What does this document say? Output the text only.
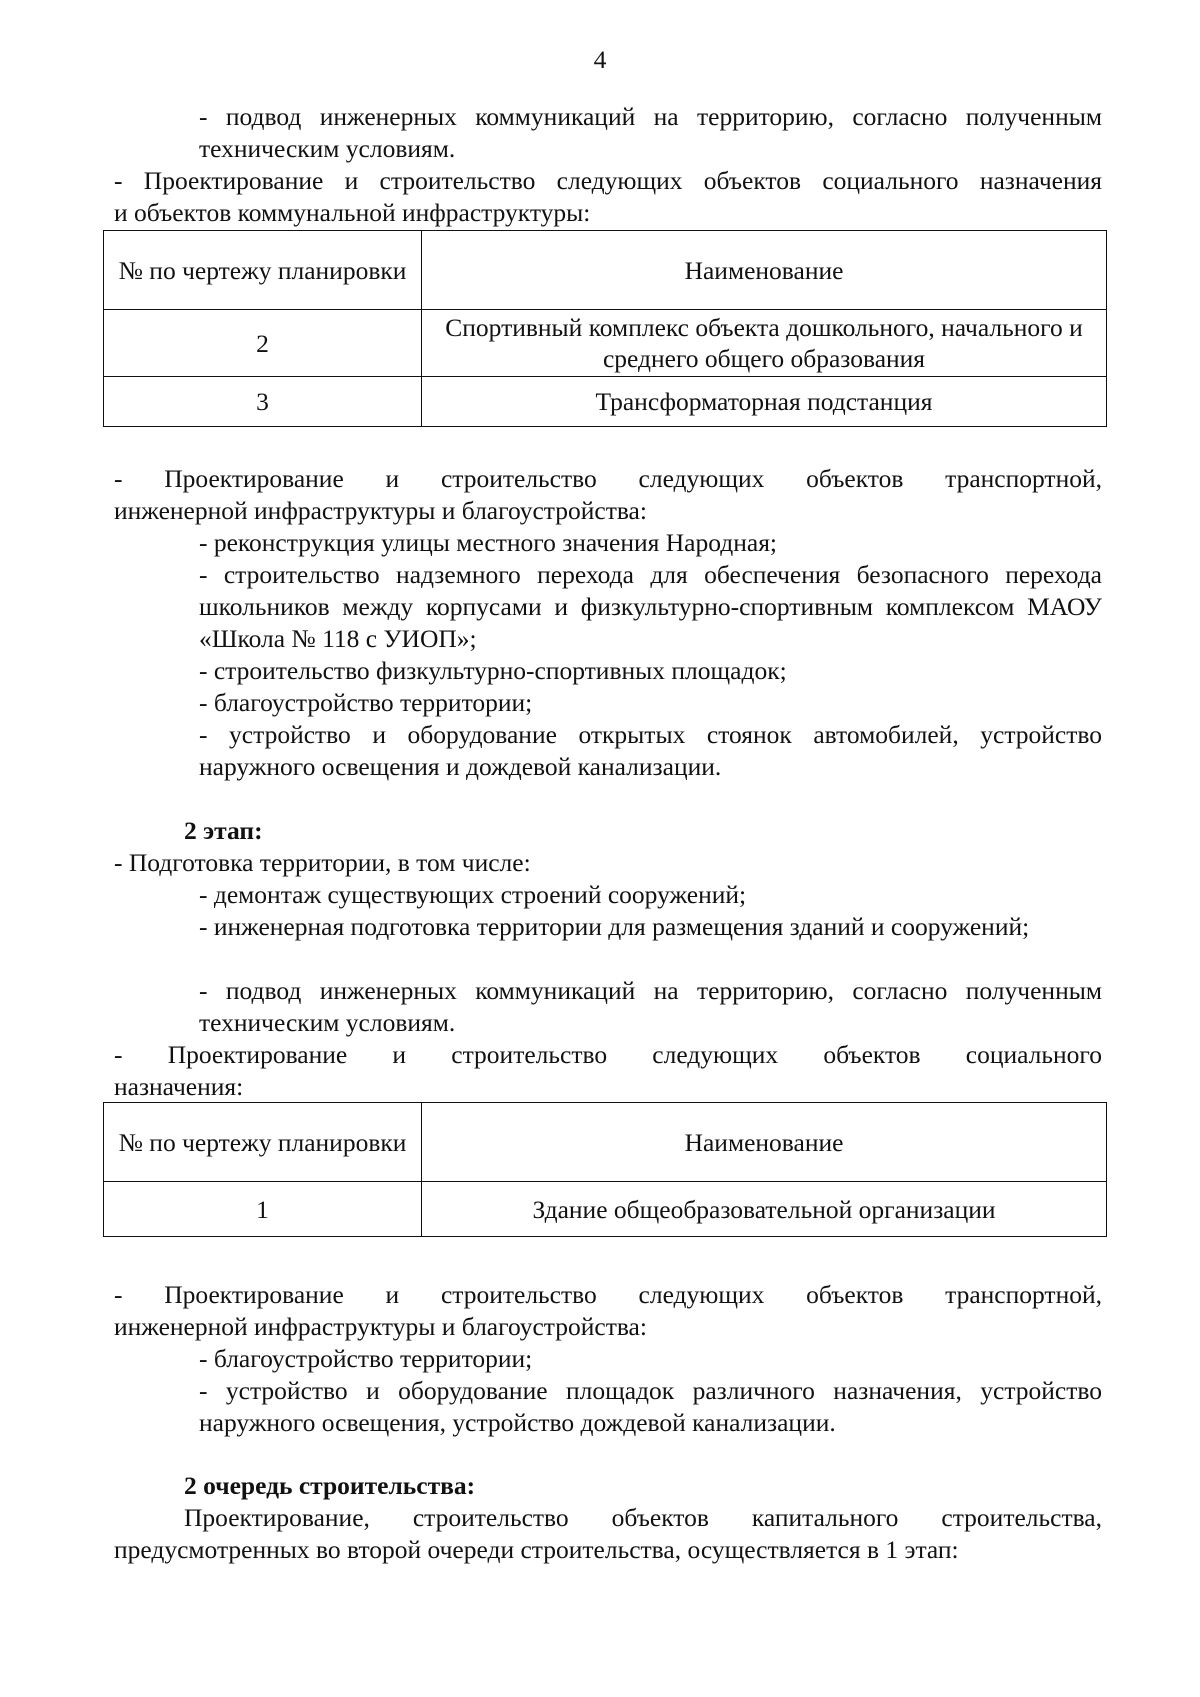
4
- подвод инженерных коммуникаций на территорию, согласно полученным
техническим условиям.
- Проектирование и строительство следующих объектов социального назначения
и объектов коммунальной инфраструктуры:
№ по чертежу планировки	Наименование
2	Спортивный комплекс объекта дошкольного, начального и среднего общего образования
3	Трансформаторная подстанция
- Проектирование и строительство следующих объектов транспортной,
инженерной инфраструктуры и благоустройства:
- реконструкция улицы местного значения Народная;
- строительство надземного перехода для обеспечения безопасного перехода школьников между корпусами и физкультурно-спортивным комплексом МАОУ «Школа № 118 с УИОП»;
- строительство физкультурно-спортивных площадок;
- благоустройство территории;
- устройство и оборудование открытых стоянок автомобилей, устройство наружного освещения и дождевой канализации.
2 этап:
- Подготовка территории, в том числе:
- демонтаж существующих строений сооружений;
- инженерная подготовка территории для размещения зданий и сооружений;
- подвод инженерных коммуникаций на территорию, согласно полученным техническим условиям.
- Проектирование и строительство следующих объектов социального
назначения:
№ по чертежу планировки	Наименование
1	Здание общеобразовательной организации
- Проектирование и строительство следующих объектов транспортной,
инженерной инфраструктуры и благоустройства:
- благоустройство территории;
- устройство и оборудование площадок различного назначения, устройство наружного освещения, устройство дождевой канализации.
2 очередь строительства:
Проектирование, строительство объектов капитального строительства,
предусмотренных во второй очереди строительства, осуществляется в 1 этап:
